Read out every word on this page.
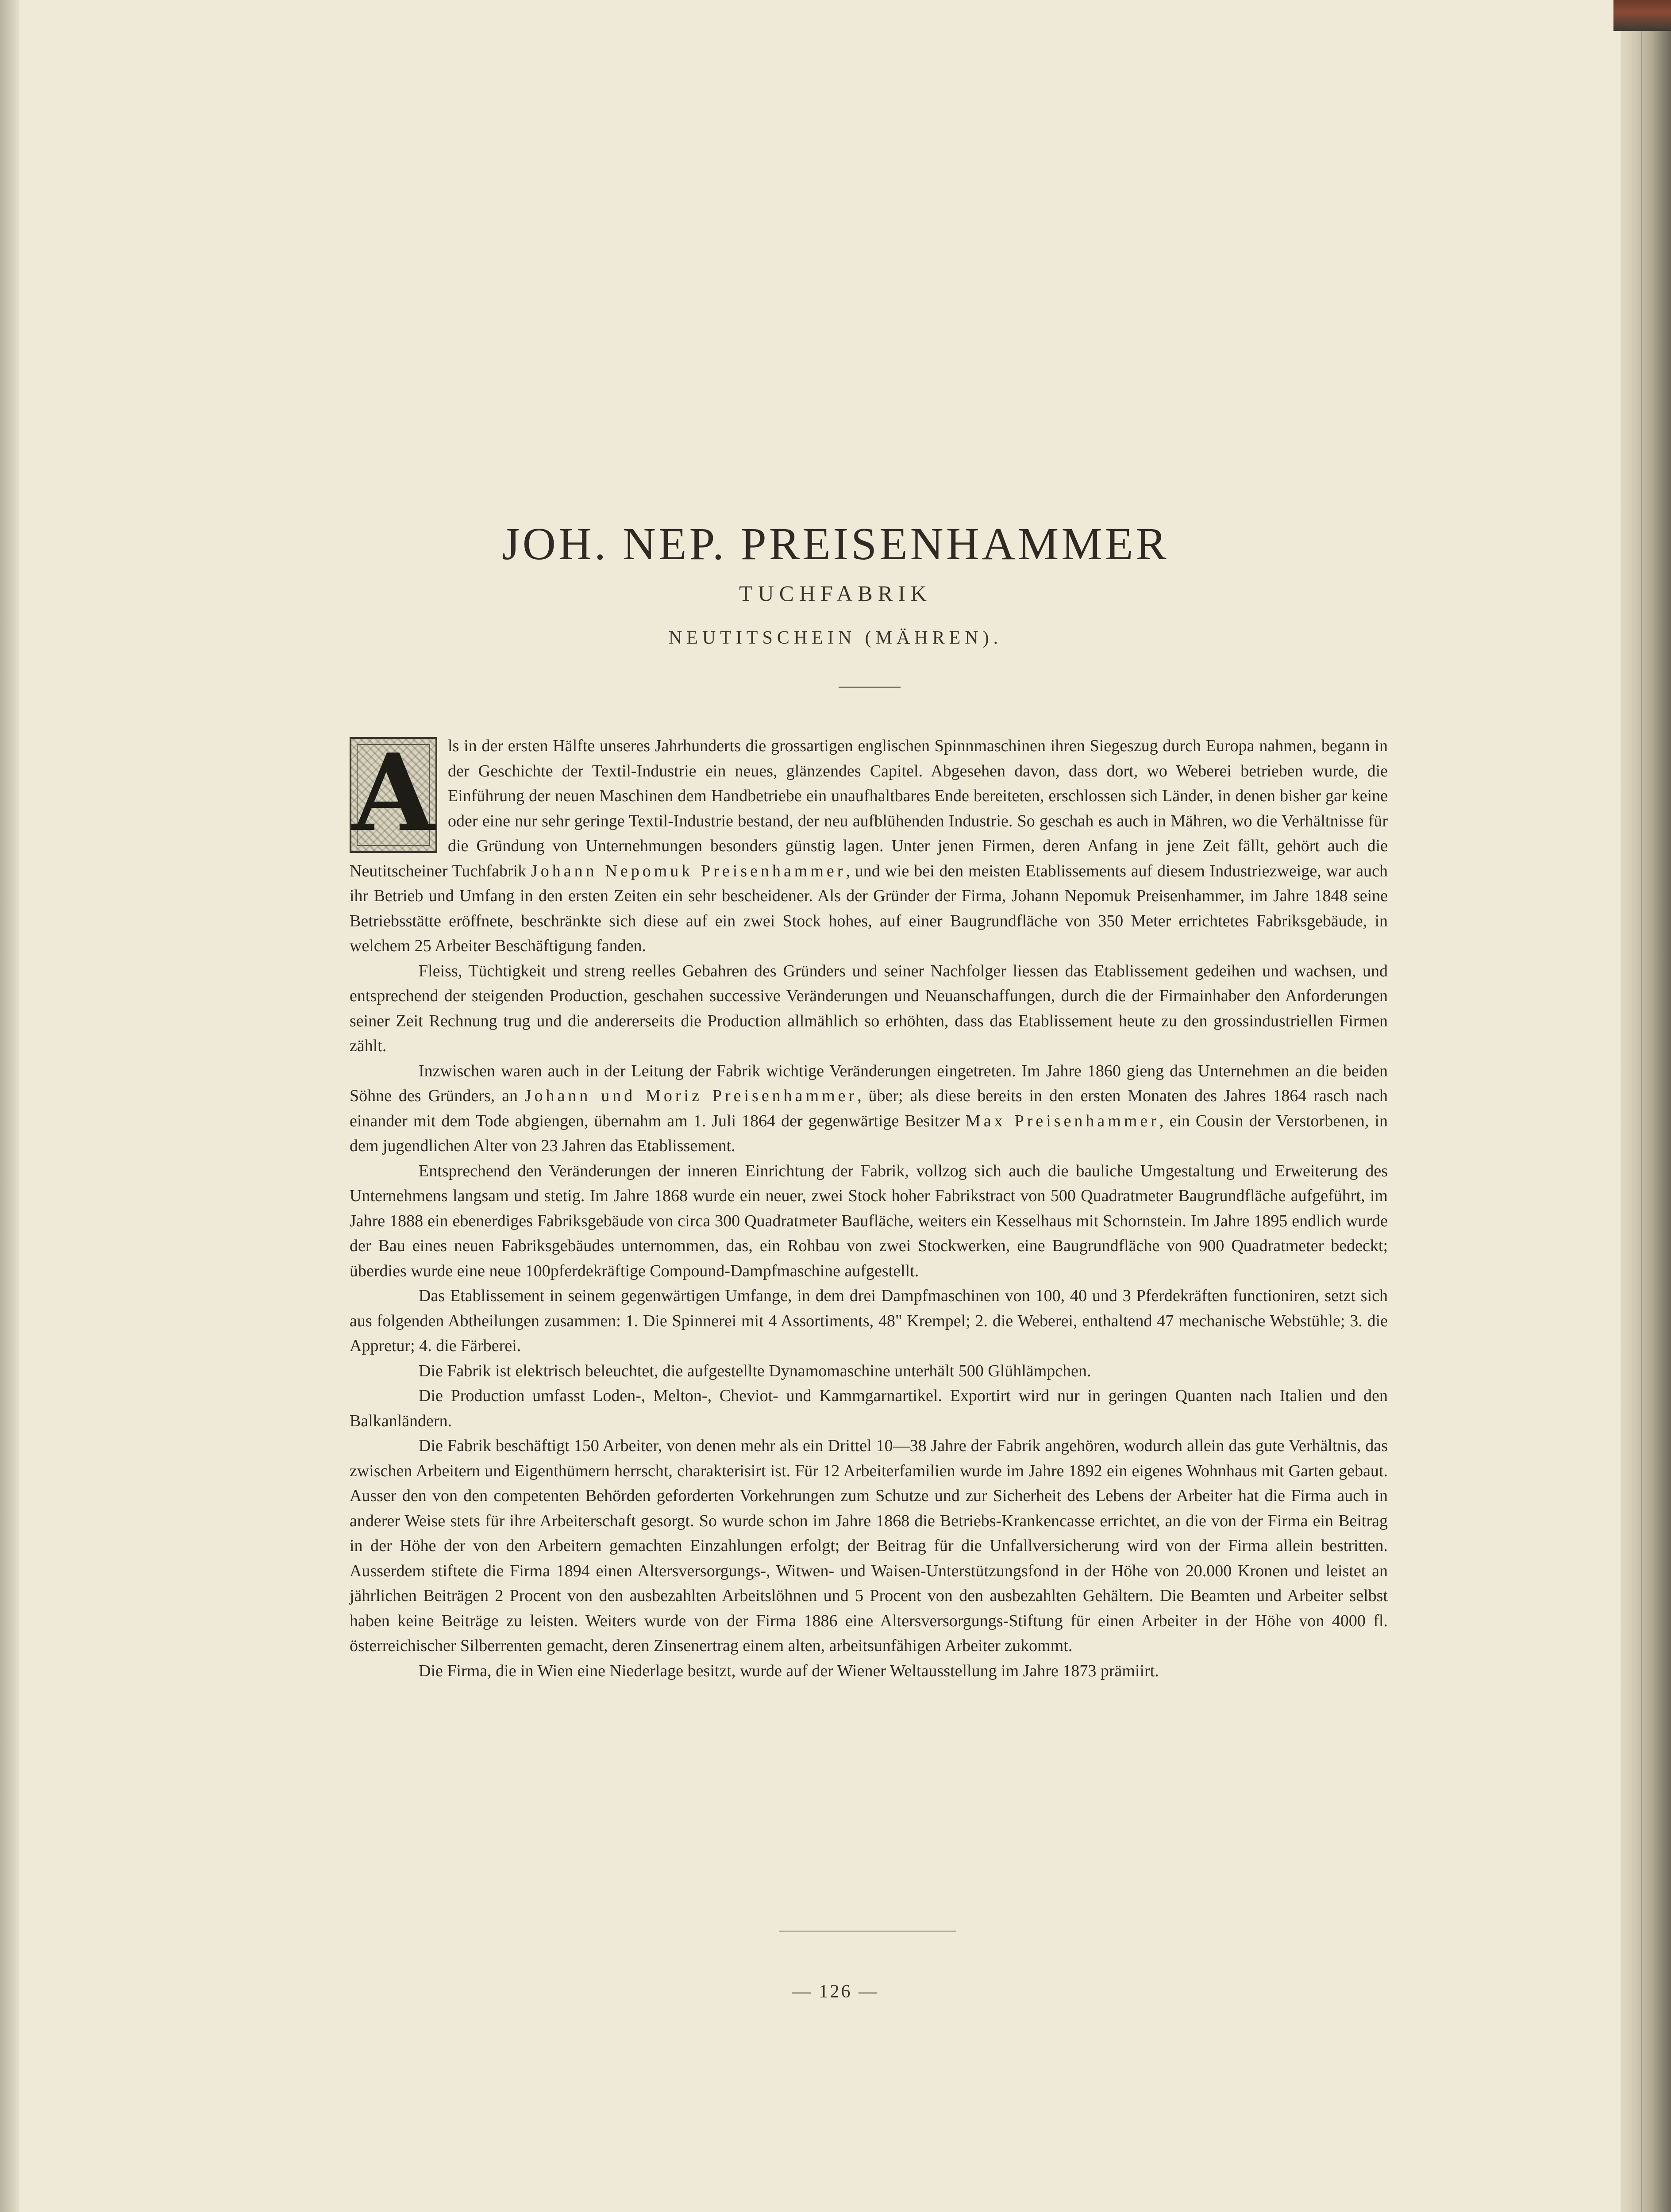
JOH. NEP. PREISENHAMMER
TUCHFABRIK
NEUTITSCHEIN (MÄHREN).

A ls in der ersten Hälfte unseres Jahrhunderts die grossartigen englischen Spinnmaschinen ihren Siegeszug durch Europa nahmen, begann in der Geschichte der Textil-Industrie ein neues, glänzendes Capitel. Abgesehen davon, dass dort, wo Weberei betrieben wurde, die Einführung der neuen Maschinen dem Handbetriebe ein unaufhaltbares Ende bereiteten, erschlossen sich Länder, in denen bisher gar keine oder eine nur sehr geringe Textil-Industrie bestand, der neu aufblühenden Industrie. So geschah es auch in Mähren, wo die Verhältnisse für die Gründung von Unternehmungen besonders günstig lagen. Unter jenen Firmen, deren Anfang in jene Zeit fällt, gehört auch die Neutitscheiner Tuchfabrik Johann Nepomuk Preisenhammer, und wie bei den meisten Etablissements auf diesem Industriezweige, war auch ihr Betrieb und Umfang in den ersten Zeiten ein sehr bescheidener. Als der Gründer der Firma, Johann Nepomuk Preisenhammer, im Jahre 1848 seine Betriebsstätte eröffnete, beschränkte sich diese auf ein zwei Stock hohes, auf einer Baugrundfläche von 350 Meter errichtetes Fabriksgebäude, in welchem 25 Arbeiter Beschäftigung fanden.

Fleiss, Tüchtigkeit und streng reelles Gebahren des Gründers und seiner Nachfolger liessen das Etablissement gedeihen und wachsen, und entsprechend der steigenden Production, geschahen successive Veränderungen und Neuanschaffungen, durch die der Firmainhaber den Anforderungen seiner Zeit Rechnung trug und die andererseits die Production allmählich so erhöhten, dass das Etablissement heute zu den grossindustriellen Firmen zählt.

Inzwischen waren auch in der Leitung der Fabrik wichtige Veränderungen eingetreten. Im Jahre 1860 gieng das Unternehmen an die beiden Söhne des Gründers, an Johann und Moriz Preisenhammer, über; als diese bereits in den ersten Monaten des Jahres 1864 rasch nach einander mit dem Tode abgiengen, übernahm am 1. Juli 1864 der gegenwärtige Besitzer Max Preisenhammer, ein Cousin der Verstorbenen, in dem jugendlichen Alter von 23 Jahren das Etablissement.

Entsprechend den Veränderungen der inneren Einrichtung der Fabrik, vollzog sich auch die bauliche Umgestaltung und Erweiterung des Unternehmens langsam und stetig. Im Jahre 1868 wurde ein neuer, zwei Stock hoher Fabrikstract von 500 Quadratmeter Baugrundfläche aufgeführt, im Jahre 1888 ein ebenerdiges Fabriksgebäude von circa 300 Quadratmeter Baufläche, weiters ein Kesselhaus mit Schornstein. Im Jahre 1895 endlich wurde der Bau eines neuen Fabriksgebäudes unternommen, das, ein Rohbau von zwei Stockwerken, eine Baugrundfläche von 900 Quadratmeter bedeckt; überdies wurde eine neue 100pferdekräftige Compound-Dampfmaschine aufgestellt.

Das Etablissement in seinem gegenwärtigen Umfange, in dem drei Dampfmaschinen von 100, 40 und 3 Pferdekräften functioniren, setzt sich aus folgenden Abtheilungen zusammen: 1. Die Spinnerei mit 4 Assortiments, 48" Krempel; 2. die Weberei, enthaltend 47 mechanische Webstühle; 3. die Appretur; 4. die Färberei.

Die Fabrik ist elektrisch beleuchtet, die aufgestellte Dynamomaschine unterhält 500 Glühlämpchen.

Die Production umfasst Loden-, Melton-, Cheviot- und Kammgarnartikel. Exportirt wird nur in geringen Quanten nach Italien und den Balkanländern.

Die Fabrik beschäftigt 150 Arbeiter, von denen mehr als ein Drittel 10—38 Jahre der Fabrik angehören, wodurch allein das gute Verhältnis, das zwischen Arbeitern und Eigenthümern herrscht, charakterisirt ist. Für 12 Arbeiterfamilien wurde im Jahre 1892 ein eigenes Wohnhaus mit Garten gebaut. Ausser den von den competenten Behörden geforderten Vorkehrungen zum Schutze und zur Sicherheit des Lebens der Arbeiter hat die Firma auch in anderer Weise stets für ihre Arbeiterschaft gesorgt. So wurde schon im Jahre 1868 die Betriebs-Krankencasse errichtet, an die von der Firma ein Beitrag in der Höhe der von den Arbeitern gemachten Einzahlungen erfolgt; der Beitrag für die Unfallversicherung wird von der Firma allein bestritten. Ausserdem stiftete die Firma 1894 einen Altersversorgungs-, Witwen- und Waisen-Unterstützungsfond in der Höhe von 20.000 Kronen und leistet an jährlichen Beiträgen 2 Procent von den ausbezahlten Arbeitslöhnen und 5 Procent von den ausbezahlten Gehältern. Die Beamten und Arbeiter selbst haben keine Beiträge zu leisten. Weiters wurde von der Firma 1886 eine Altersversorgungs-Stiftung für einen Arbeiter in der Höhe von 4000 fl. österreichischer Silberrenten gemacht, deren Zinsenertrag einem alten, arbeitsunfähigen Arbeiter zukommt.

Die Firma, die in Wien eine Niederlage besitzt, wurde auf der Wiener Weltausstellung im Jahre 1873 prämiirt.

— 126 —
